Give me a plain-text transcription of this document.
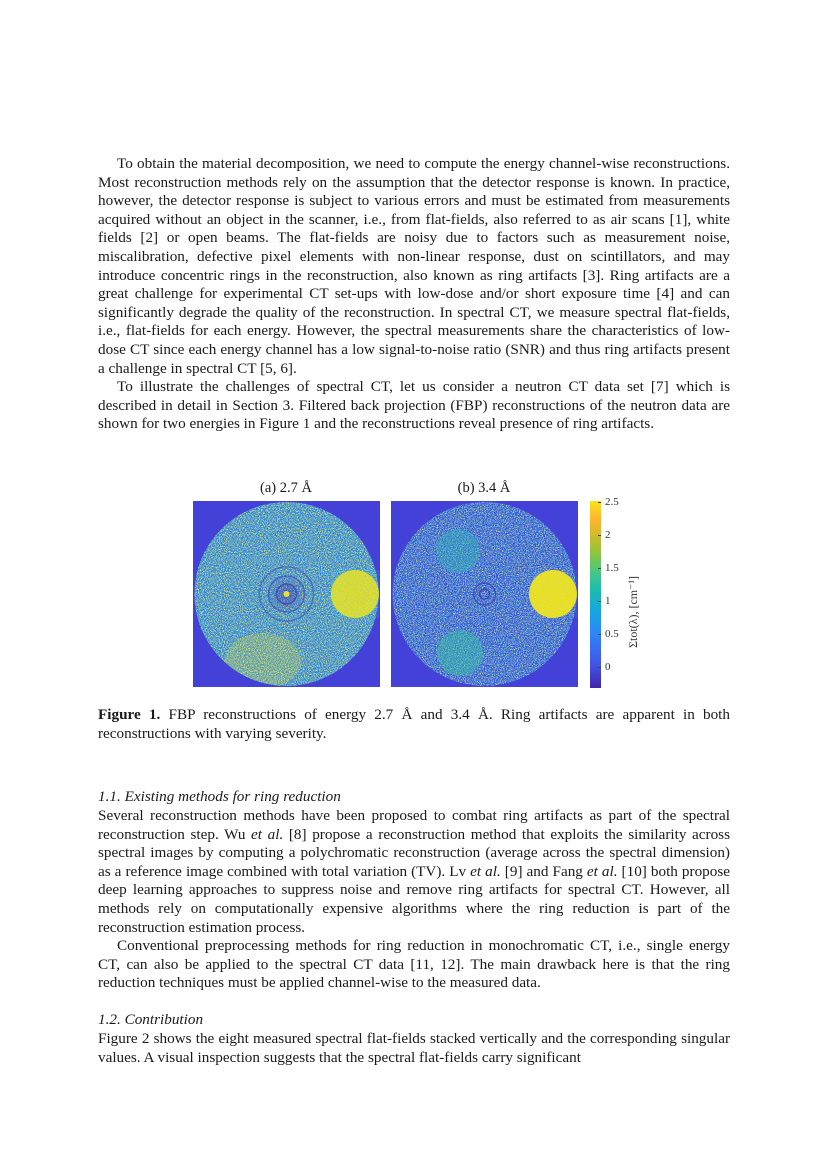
To obtain the material decomposition, we need to compute the energy channel-wise reconstructions. Most reconstruction methods rely on the assumption that the detector response is known. In practice, however, the detector response is subject to various errors and must be estimated from measurements acquired without an object in the scanner, i.e., from flat-fields, also referred to as air scans [1], white fields [2] or open beams. The flat-fields are noisy due to factors such as measurement noise, miscalibration, defective pixel elements with non-linear response, dust on scintillators, and may introduce concentric rings in the reconstruction, also known as ring artifacts [3]. Ring artifacts are a great challenge for experimental CT set-ups with low-dose and/or short exposure time [4] and can significantly degrade the quality of the reconstruction. In spectral CT, we measure spectral flat-fields, i.e., flat-fields for each energy. However, the spectral measurements share the characteristics of low-dose CT since each energy channel has a low signal-to-noise ratio (SNR) and thus ring artifacts present a challenge in spectral CT [5, 6].

To illustrate the challenges of spectral CT, let us consider a neutron CT data set [7] which is described in detail in Section 3. Filtered back projection (FBP) reconstructions of the neutron data are shown for two energies in Figure 1 and the reconstructions reveal presence of ring artifacts.

(a) 2.7 Å	(b) 3.4 Å
2.5
2
1.5
1
0.5
0
Σtot(λ), [cm⁻¹]
Figure 1. FBP reconstructions of energy 2.7 Å and 3.4 Å. Ring artifacts are apparent in both reconstructions with varying severity.
1.1. Existing methods for ring reduction

Several reconstruction methods have been proposed to combat ring artifacts as part of the spectral reconstruction step. Wu et al. [8] propose a reconstruction method that exploits the similarity across spectral images by computing a polychromatic reconstruction (average across the spectral dimension) as a reference image combined with total variation (TV). Lv et al. [9] and Fang et al. [10] both propose deep learning approaches to suppress noise and remove ring artifacts for spectral CT. However, all methods rely on computationally expensive algorithms where the ring reduction is part of the reconstruction estimation process.

Conventional preprocessing methods for ring reduction in monochromatic CT, i.e., single energy CT, can also be applied to the spectral CT data [11, 12]. The main drawback here is that the ring reduction techniques must be applied channel-wise to the measured data.

1.2. Contribution

Figure 2 shows the eight measured spectral flat-fields stacked vertically and the corresponding singular values. A visual inspection suggests that the spectral flat-fields carry significant
